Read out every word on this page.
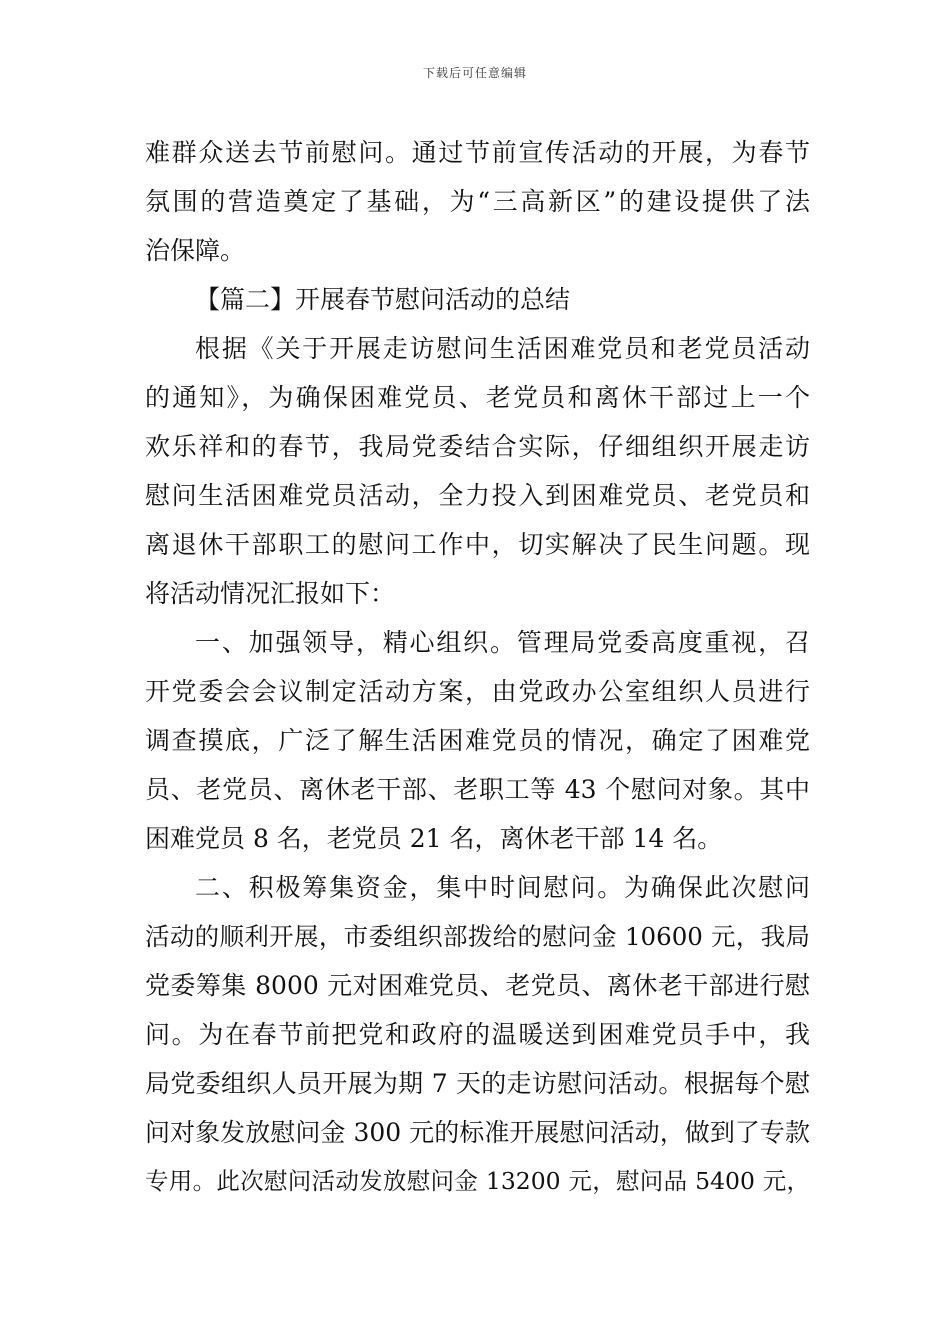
下载后可任意编辑
难群众送去节前慰问。通过节前宣传活动的开展，为春节
氛围的营造奠定了基础，为“三高新区”的建设提供了法
治保障。
【篇二】开展春节慰问活动的总结
根据《关于开展走访慰问生活困难党员和老党员活动
的通知》，为确保困难党员、老党员和离休干部过上一个
欢乐祥和的春节，我局党委结合实际，仔细组织开展走访
慰问生活困难党员活动，全力投入到困难党员、老党员和
离退休干部职工的慰问工作中，切实解决了民生问题。现
将活动情况汇报如下：
一、加强领导，精心组织。管理局党委高度重视，召
开党委会会议制定活动方案，由党政办公室组织人员进行
调查摸底，广泛了解生活困难党员的情况，确定了困难党
员、老党员、离休老干部、老职工等 43 个慰问对象。其中
困难党员 8 名，老党员 21 名，离休老干部 14 名。
二、积极筹集资金，集中时间慰问。为确保此次慰问
活动的顺利开展，市委组织部拨给的慰问金 10600 元，我局
党委筹集 8000 元对困难党员、老党员、离休老干部进行慰
问。为在春节前把党和政府的温暖送到困难党员手中，我
局党委组织人员开展为期 7 天的走访慰问活动。根据每个慰
问对象发放慰问金 300 元的标准开展慰问活动，做到了专款
专用。此次慰问活动发放慰问金 13200 元，慰问品 5400 元，
